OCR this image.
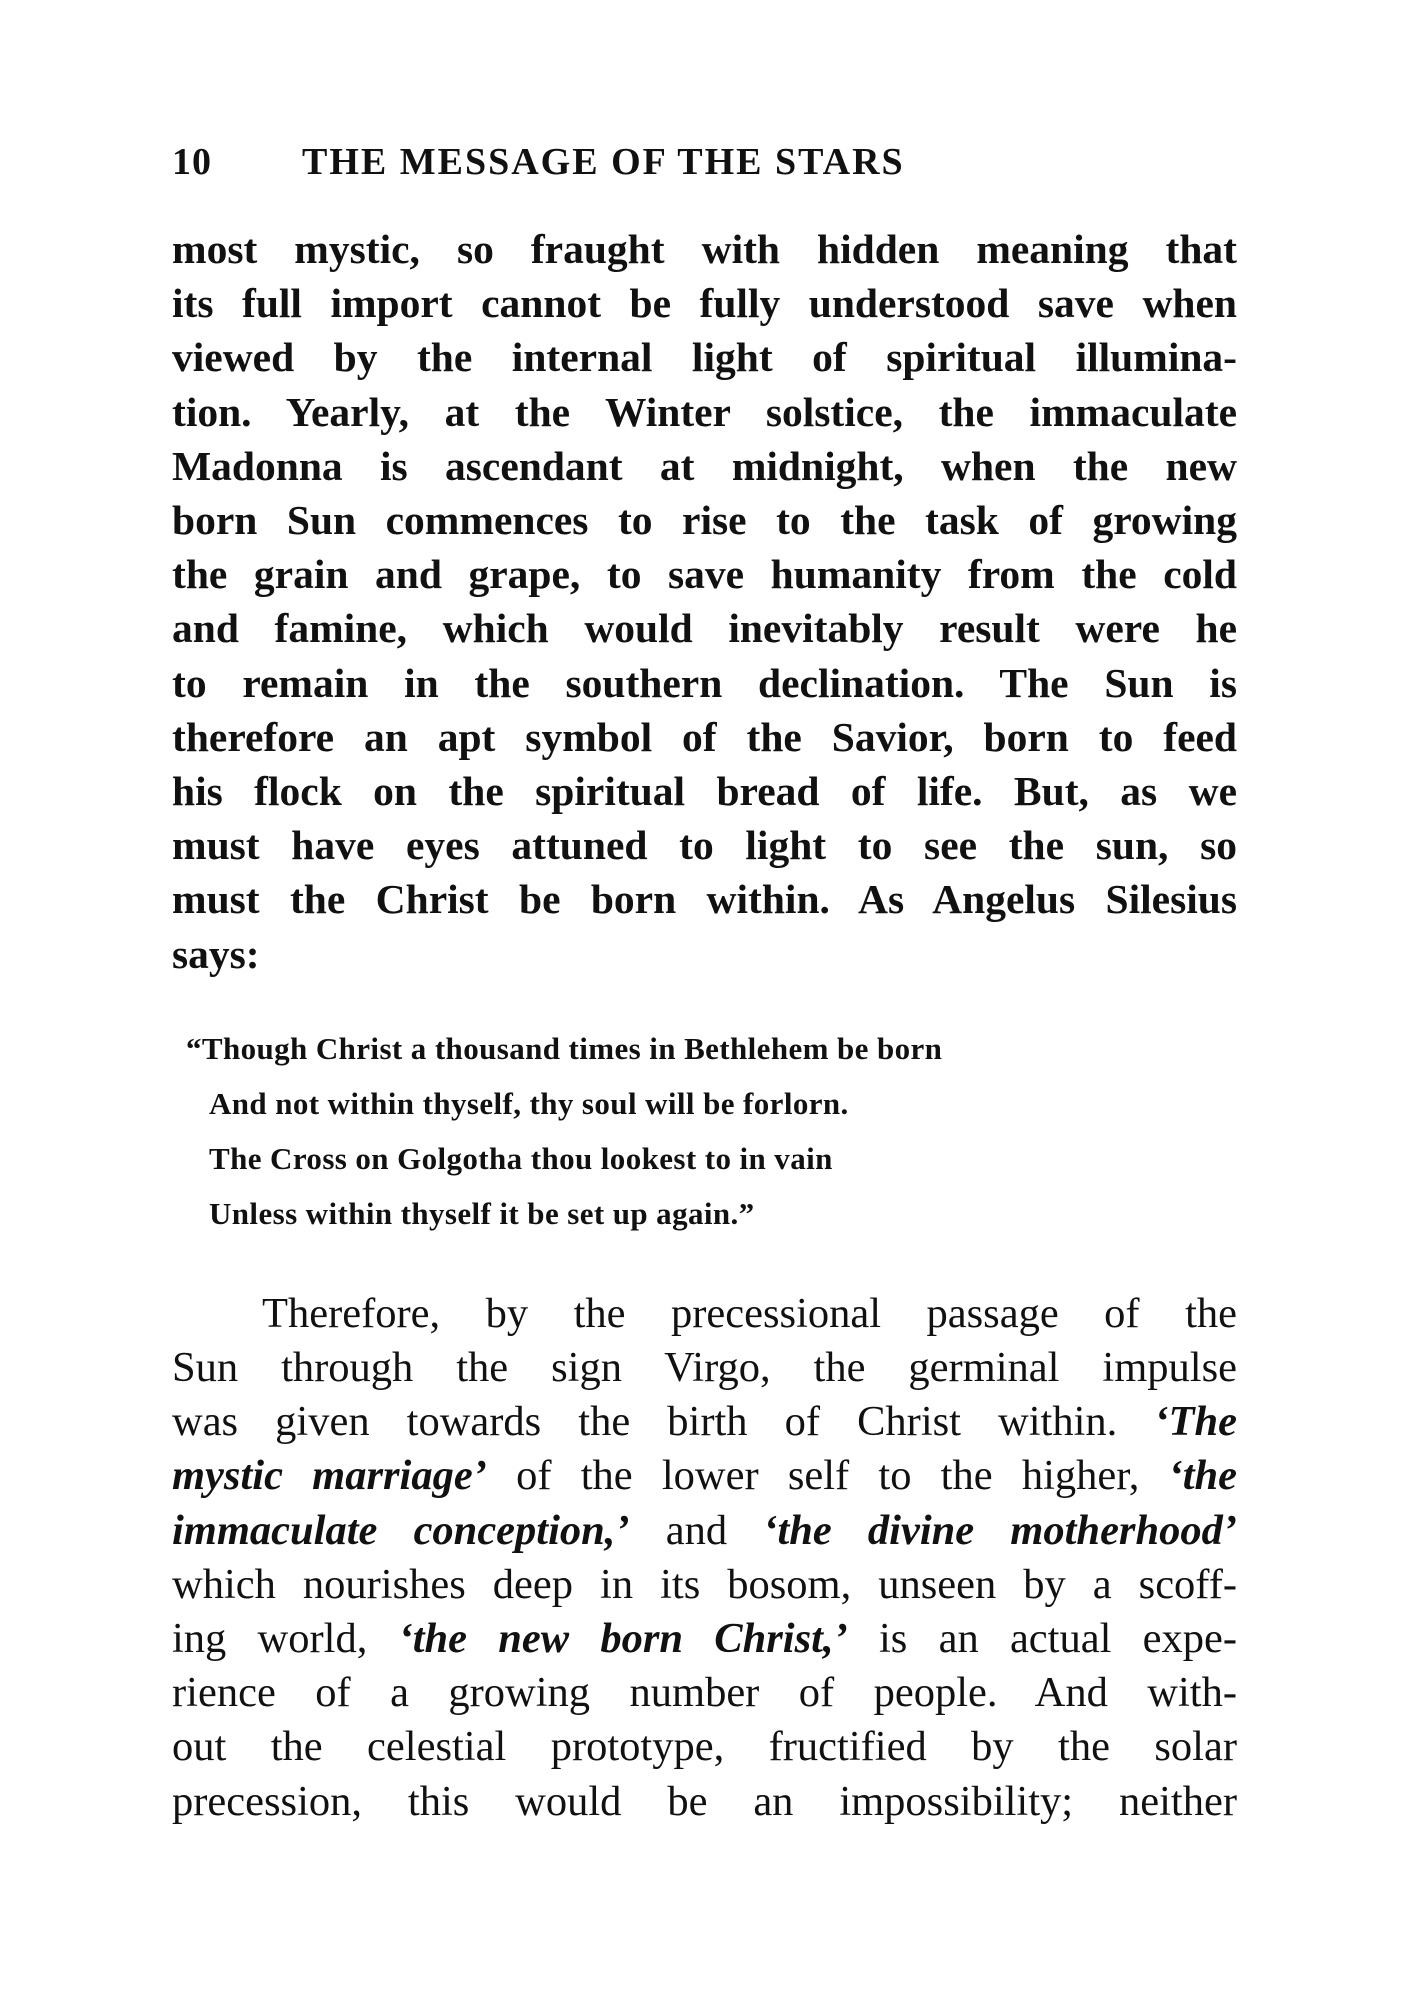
10	THE MESSAGE OF THE STARS

most mystic, so fraught with hidden meaning that
its full import cannot be fully understood save when
viewed by the internal light of spiritual illumina-
tion. Yearly, at the Winter solstice, the immaculate
Madonna is ascendant at midnight, when the new
born Sun commences to rise to the task of growing
the grain and grape, to save humanity from the cold
and famine, which would inevitably result were he
to remain in the southern declination. The Sun is
therefore an apt symbol of the Savior, born to feed
his flock on the spiritual bread of life. But, as we
must have eyes attuned to light to see the sun, so
must the Christ be born within. As Angelus Silesius
says:

“Though Christ a thousand times in Bethlehem be born
And not within thyself, thy soul will be forlorn.
The Cross on Golgotha thou lookest to in vain
Unless within thyself it be set up again.”

Therefore, by the precessional passage of the
Sun through the sign Virgo, the germinal impulse
was given towards the birth of Christ within. ‘The
mystic marriage’ of the lower self to the higher, ‘the
immaculate conception,’ and ‘the divine motherhood’
which nourishes deep in its bosom, unseen by a scoff-
ing world, ‘the new born Christ,’ is an actual expe-
rience of a growing number of people. And with-
out the celestial prototype, fructified by the solar
precession, this would be an impossibility; neither
